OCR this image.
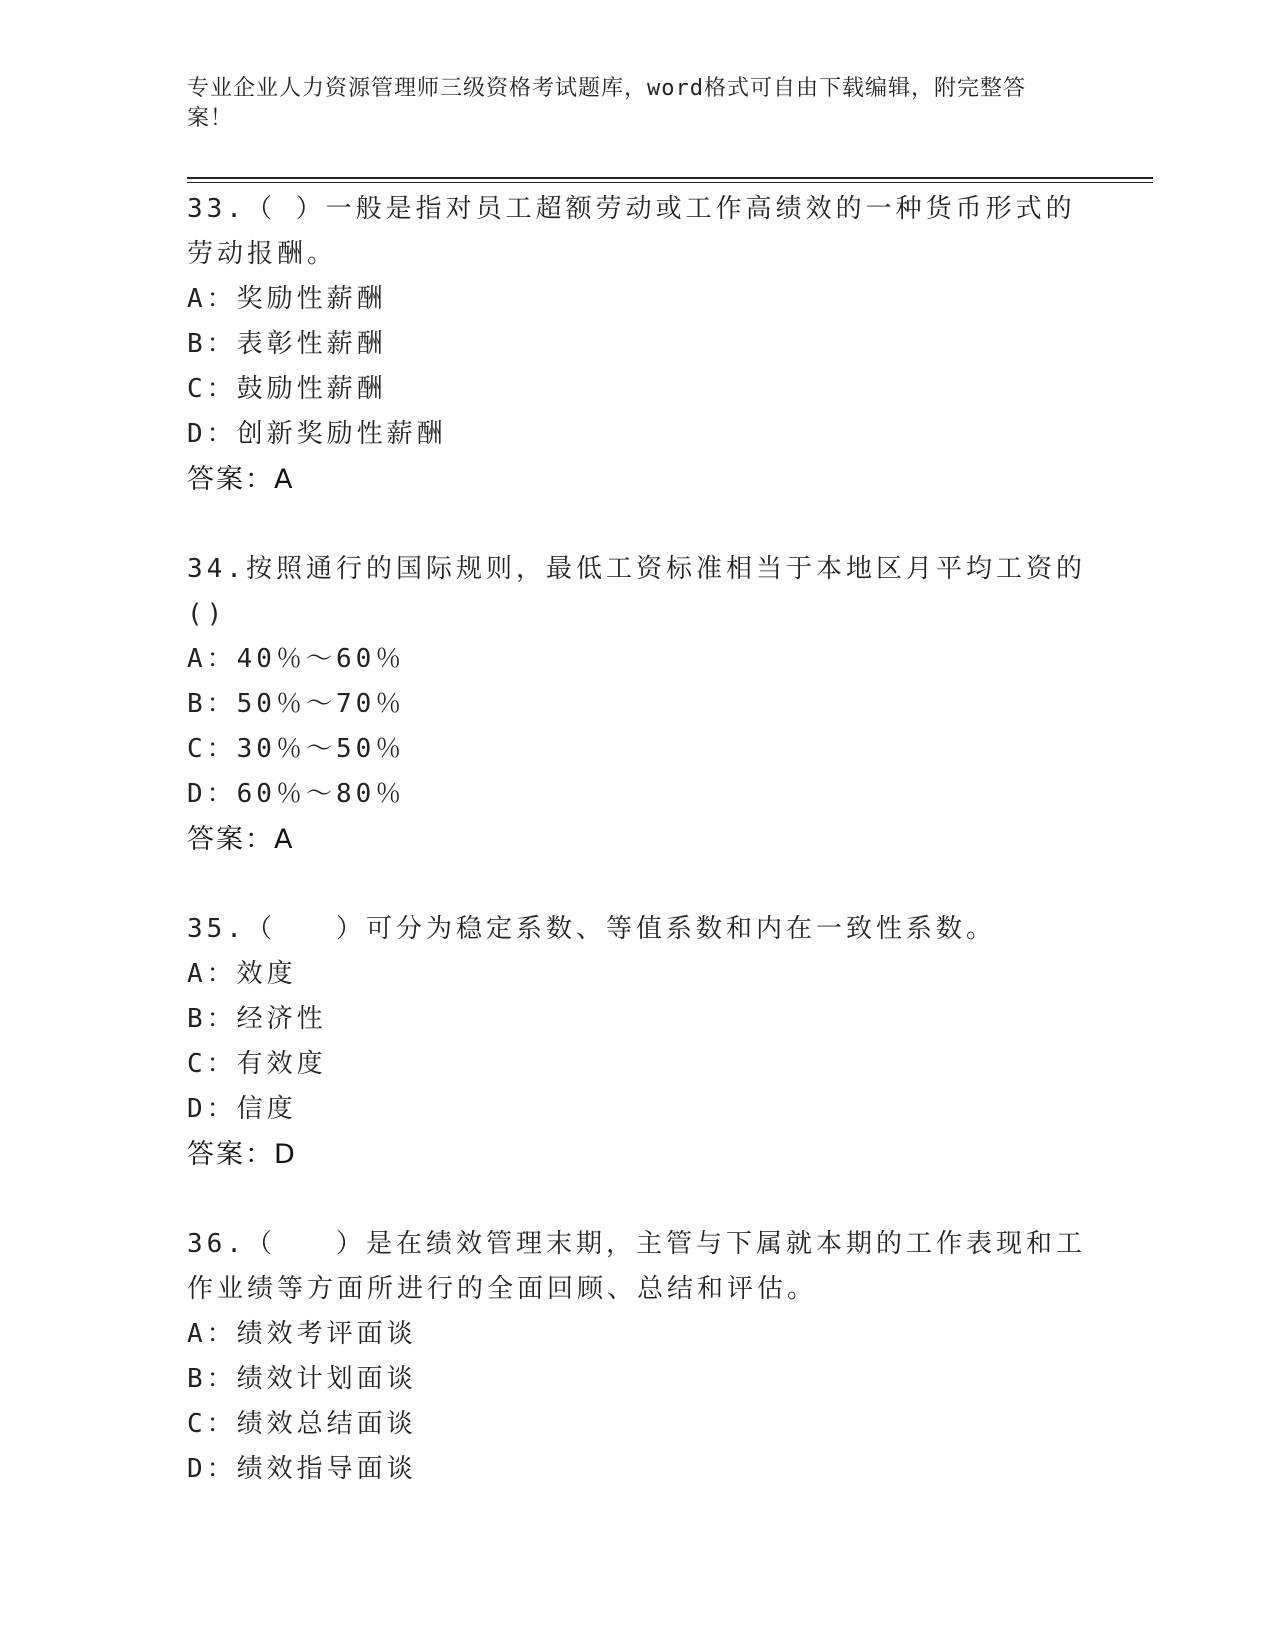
专业企业人力资源管理师三级资格考试题库，word格式可自由下载编辑，附完整答案！

33.（ ）一般是指对员工超额劳动或工作高绩效的一种货币形式的劳动报酬。

A：奖励性薪酬

B：表彰性薪酬

C：鼓励性薪酬

D：创新奖励性薪酬

答案：A

34.按照通行的国际规则，最低工资标准相当于本地区月平均工资的()

A：40％～60％

B：50％～70％

C：30％～50％

D：60％～80％

答案：A

35.（　　）可分为稳定系数、等值系数和内在一致性系数。

A：效度

B：经济性

C：有效度

D：信度

答案：D

36.（　　）是在绩效管理末期，主管与下属就本期的工作表现和工作业绩等方面所进行的全面回顾、总结和评估。

A：绩效考评面谈

B：绩效计划面谈

C：绩效总结面谈

D：绩效指导面谈
